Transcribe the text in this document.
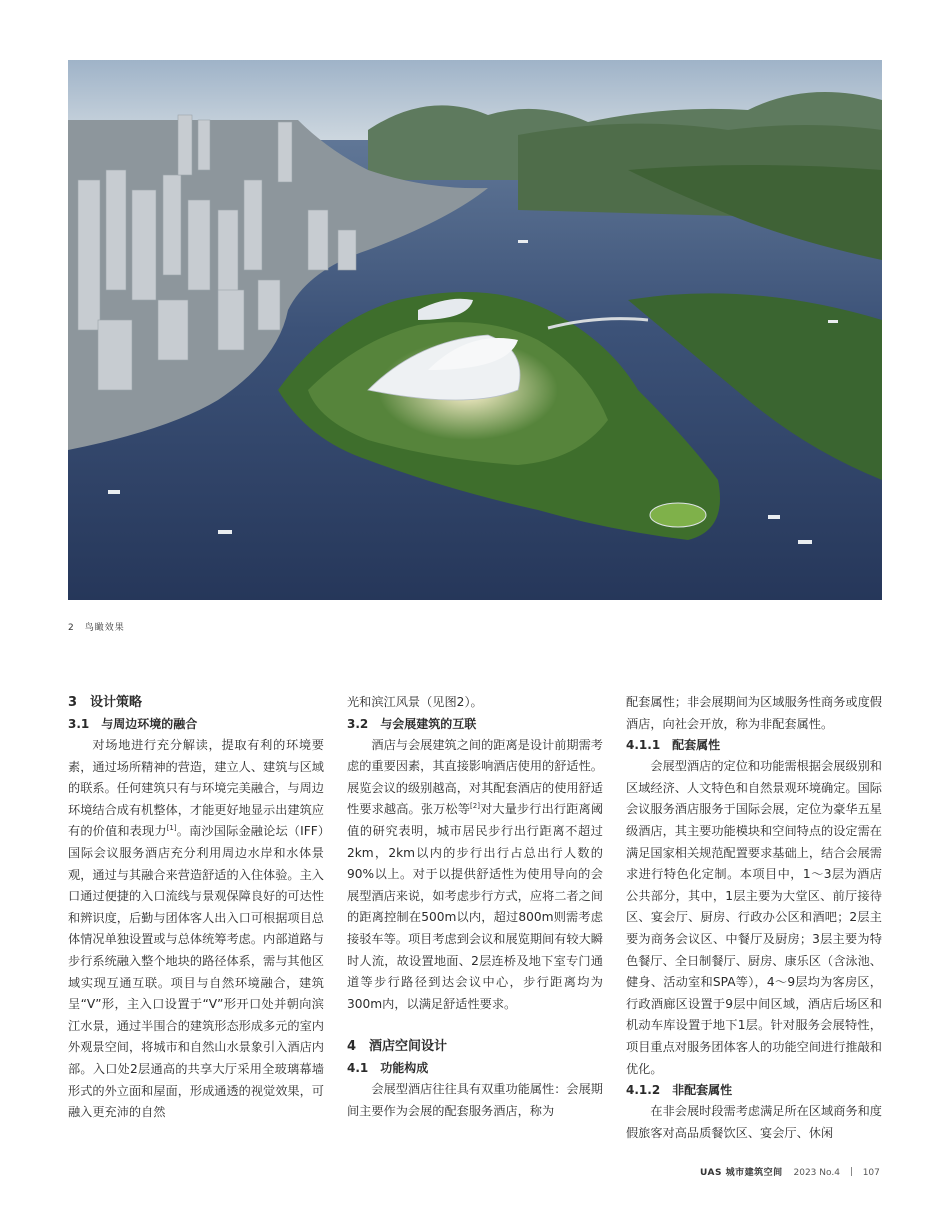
2　 鸟瞰效果
3　设计策略
3.1　与周边环境的融合

对场地进行充分解读，提取有利的环境要素，通过场所精神的营造，建立人、建筑与区域的联系。任何建筑只有与环境完美融合，与周边环境结合成有机整体，才能更好地显示出建筑应有的价值和表现力[1]。南沙国际金融论坛（IFF）国际会议服务酒店充分利用周边水岸和水体景观，通过与其融合来营造舒适的入住体验。主入口通过便捷的入口流线与景观保障良好的可达性和辨识度，后勤与团体客人出入口可根据项目总体情况单独设置或与总体统筹考虑。内部道路与步行系统融入整个地块的路径体系，需与其他区域实现互通互联。项目与自然环境融合，建筑呈“V”形，主入口设置于“V”形开口处并朝向滨江水景，通过半围合的建筑形态形成多元的室内外观景空间，将城市和自然山水景象引入酒店内部。入口处2层通高的共享大厅采用全玻璃幕墙形式的外立面和屋面，形成通透的视觉效果，可融入更充沛的自然

光和滨江风景（见图2）。

3.2　与会展建筑的互联

酒店与会展建筑之间的距离是设计前期需考虑的重要因素，其直接影响酒店使用的舒适性。展览会议的级别越高，对其配套酒店的使用舒适性要求越高。张万松等[2]对大量步行出行距离阈值的研究表明，城市居民步行出行距离不超过2km，2km以内的步行出行占总出行人数的90%以上。对于以提供舒适性为使用导向的会展型酒店来说，如考虑步行方式，应将二者之间的距离控制在500m以内，超过800m则需考虑接驳车等。项目考虑到会议和展览期间有较大瞬时人流，故设置地面、2层连桥及地下室专门通道等步行路径到达会议中心，步行距离均为300m内，以满足舒适性要求。

4　酒店空间设计
4.1　功能构成

会展型酒店往往具有双重功能属性：会展期间主要作为会展的配套服务酒店，称为

配套属性；非会展期间为区域服务性商务或度假酒店，向社会开放，称为非配套属性。

4.1.1　配套属性

会展型酒店的定位和功能需根据会展级别和区域经济、人文特色和自然景观环境确定。国际会议服务酒店服务于国际会展，定位为豪华五星级酒店，其主要功能模块和空间特点的设定需在满足国家相关规范配置要求基础上，结合会展需求进行特色化定制。本项目中，1～3层为酒店公共部分，其中，1层主要为大堂区、前厅接待区、宴会厅、厨房、行政办公区和酒吧；2层主要为商务会议区、中餐厅及厨房；3层主要为特色餐厅、全日制餐厅、厨房、康乐区（含泳池、健身、活动室和SPA等），4～9层均为客房区，行政酒廊区设置于9层中间区域，酒店后场区和机动车库设置于地下1层。针对服务会展特性，项目重点对服务团体客人的功能空间进行推敲和优化。

4.1.2　非配套属性

在非会展时段需考虑满足所在区域商务和度假旅客对高品质餐饮区、宴会厅、休闲

UAS 城市建筑空间 2023 No.4	107
